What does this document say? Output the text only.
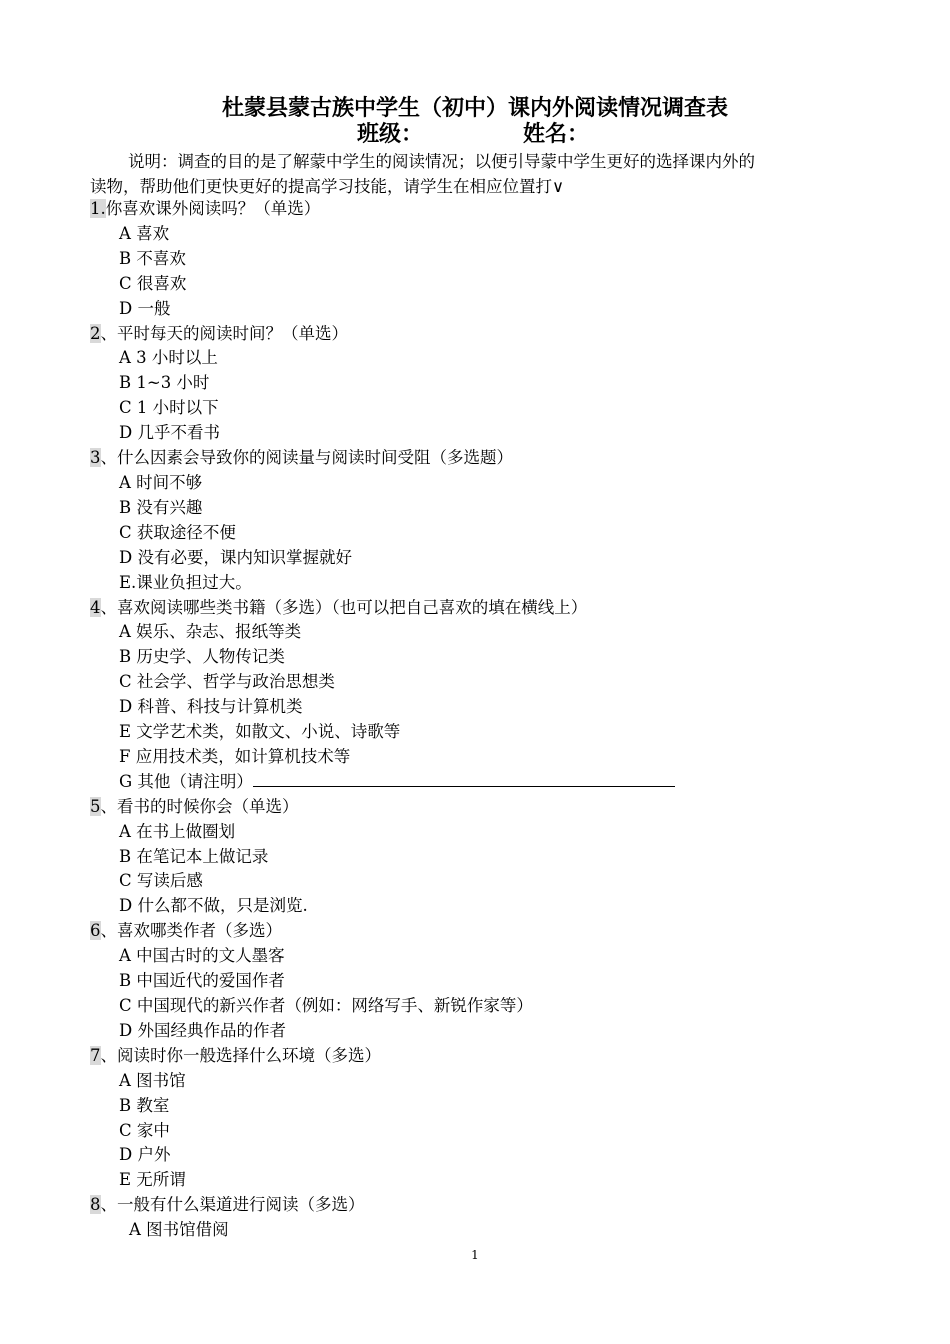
杜蒙县蒙古族中学生（初中）课内外阅读情况调查表
班级：	姓名：
说明：调查的目的是了解蒙中学生的阅读情况；以便引导蒙中学生更好的选择课内外的
读物，帮助他们更快更好的提高学习技能，请学生在相应位置打∨
1.你喜欢课外阅读吗？（单选）
A 喜欢
B 不喜欢
C 很喜欢
D 一般
2、平时每天的阅读时间？（单选）
A 3 小时以上
B 1~3 小时
C 1 小时以下
D 几乎不看书
3、什么因素会导致你的阅读量与阅读时间受阻（多选题）
A 时间不够
B 没有兴趣
C 获取途径不便
D 没有必要，课内知识掌握就好
E.课业负担过大。
4、喜欢阅读哪些类书籍（多选）（也可以把自己喜欢的填在横线上）
A 娱乐、杂志、报纸等类
B 历史学、人物传记类
C 社会学、哲学与政治思想类
D 科普、科技与计算机类
E 文学艺术类，如散文、小说、诗歌等
F 应用技术类，如计算机技术等
G 其他（请注明）
5、看书的时候你会（单选）
A 在书上做圈划
B 在笔记本上做记录
C 写读后感
D 什么都不做，只是浏览.
6、喜欢哪类作者（多选）
A 中国古时的文人墨客
B 中国近代的爱国作者
C 中国现代的新兴作者（例如：网络写手、新锐作家等）
D 外国经典作品的作者
7、阅读时你一般选择什么环境（多选）
A 图书馆
B 教室
C 家中
D 户外
E 无所谓
8、一般有什么渠道进行阅读（多选）
A 图书馆借阅
1
